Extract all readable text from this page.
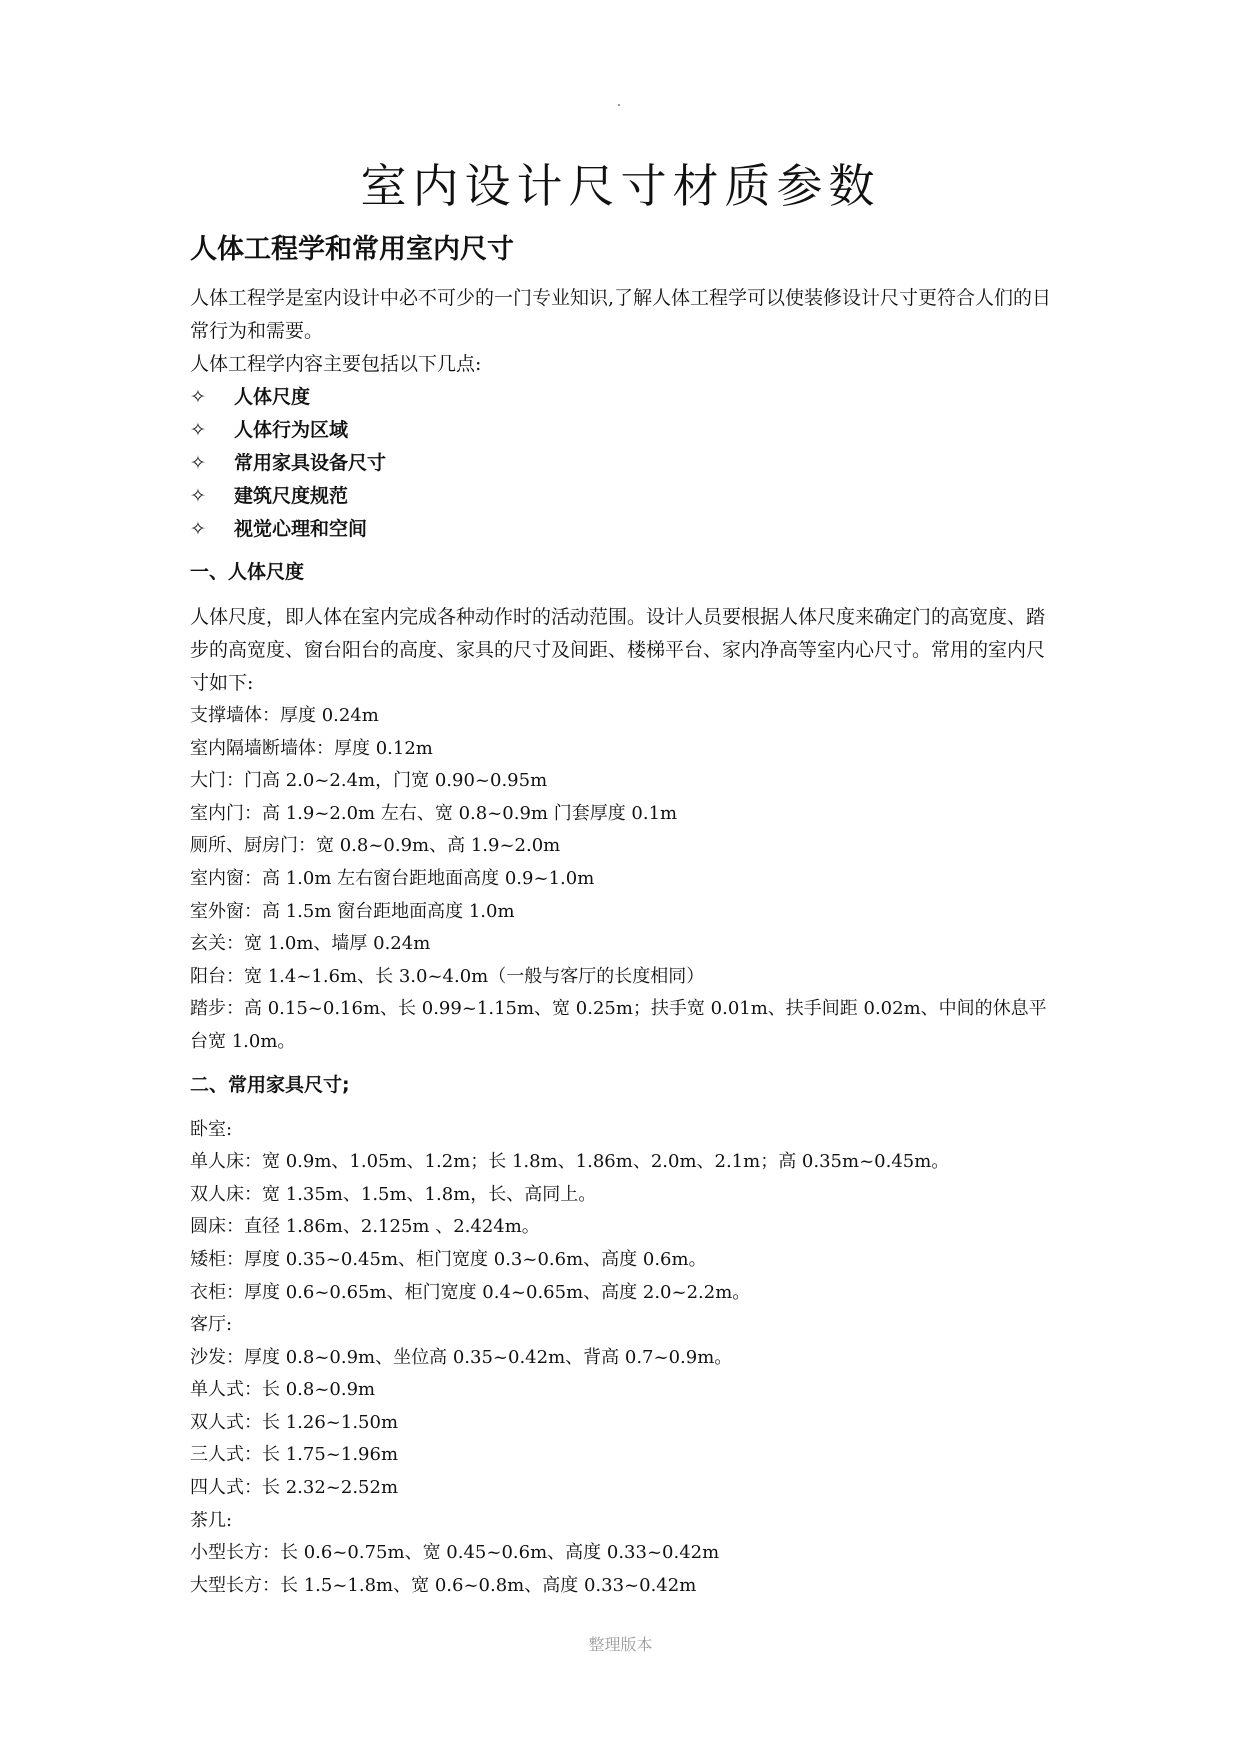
室内设计尺寸材质参数
人体工程学和常用室内尺寸

人体工程学是室内设计中必不可少的一门专业知识,了解人体工程学可以使装修设计尺寸更符合人们的日常行为和需要。

人体工程学内容主要包括以下几点:

✧ 人体尺度
✧ 人体行为区域
✧ 常用家具设备尺寸
✧ 建筑尺度规范
✧ 视觉心理和空间
一、人体尺度

人体尺度，即人体在室内完成各种动作时的活动范围。设计人员要根据人体尺度来确定门的高宽度、踏步的高宽度、窗台阳台的高度、家具的尺寸及间距、楼梯平台、家内净高等室内心尺寸。常用的室内尺寸如下:

支撑墙体：厚度 0.24m

室内隔墙断墙体：厚度 0.12m

大门：门高 2.0~2.4m，门宽 0.90~0.95m

室内门：高 1.9~2.0m 左右、宽 0.8~0.9m 门套厚度 0.1m

厕所、厨房门：宽 0.8~0.9m、高 1.9~2.0m

室内窗：高 1.0m 左右窗台距地面高度 0.9~1.0m

室外窗：高 1.5m 窗台距地面高度 1.0m

玄关：宽 1.0m、墙厚 0.24m

阳台：宽 1.4~1.6m、长 3.0~4.0m（一般与客厅的长度相同）

踏步：高 0.15~0.16m、长 0.99~1.15m、宽 0.25m；扶手宽 0.01m、扶手间距 0.02m、中间的休息平台宽 1.0m。

二、常用家具尺寸;

卧室:

单人床：宽 0.9m、1.05m、1.2m；长 1.8m、1.86m、2.0m、2.1m；高 0.35m~0.45m。

双人床：宽 1.35m、1.5m、1.8m，长、高同上。

圆床：直径 1.86m、2.125m 、2.424m。

矮柜：厚度 0.35~0.45m、柜门宽度 0.3~0.6m、高度 0.6m。

衣柜：厚度 0.6~0.65m、柜门宽度 0.4~0.65m、高度 2.0~2.2m。

客厅:

沙发：厚度 0.8~0.9m、坐位高 0.35~0.42m、背高 0.7~0.9m。

单人式：长 0.8~0.9m

双人式：长 1.26~1.50m

三人式：长 1.75~1.96m

四人式：长 2.32~2.52m

茶几:

小型长方：长 0.6~0.75m、宽 0.45~0.6m、高度 0.33~0.42m

大型长方：长 1.5~1.8m、宽 0.6~0.8m、高度 0.33~0.42m

整理版本
